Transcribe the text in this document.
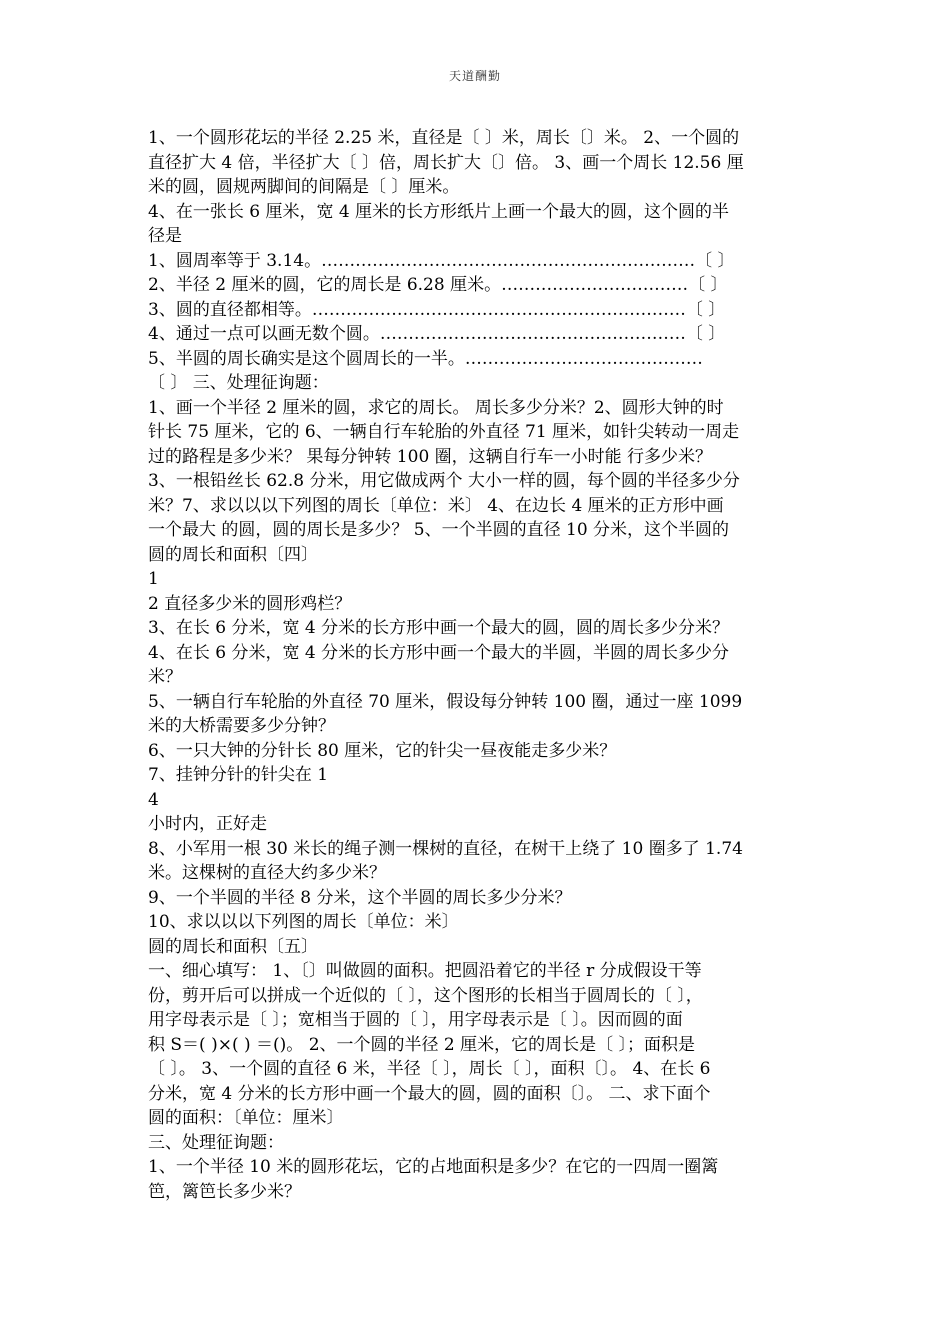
天道酬勤
1、一个圆形花坛的半径 2.25 米，直径是〔 〕米，周长〔〕米。 2、一个圆的
直径扩大 4 倍，半径扩大〔 〕倍，周长扩大〔〕倍。 3、画一个周长 12.56 厘
米的圆，圆规两脚间的间隔是〔 〕厘米。
4、在一张长 6 厘米，宽 4 厘米的长方形纸片上画一个最大的圆，这个圆的半
径是
1、圆周率等于 3.14。…………………………………………………………〔 〕
2、半径 2 厘米的圆，它的周长是 6.28 厘米。……………………………〔 〕
3、圆的直径都相等。…………………………………………………………〔 〕
4、通过一点可以画无数个圆。………………………………………………〔 〕
5、半圆的周长确实是这个圆周长的一半。……………………………………
〔 〕 三、处理征询题：
1、画一个半径 2 厘米的圆，求它的周长。 周长多少分米？2、圆形大钟的时
针长 75 厘米，它的 6、一辆自行车轮胎的外直径 71 厘米，如针尖转动一周走
过的路程是多少米？ 果每分钟转 100 圈，这辆自行车一小时能 行多少米？
3、一根铅丝长 62.8 分米，用它做成两个 大小一样的圆，每个圆的半径多少分
米？7、求以以以下列图的周长〔单位：米〕 4、在边长 4 厘米的正方形中画
一个最大 的圆，圆的周长是多少？ 5、一个半圆的直径 10 分米，这个半圆的
圆的周长和面积〔四〕
1
2 直径多少米的圆形鸡栏？
3、在长 6 分米，宽 4 分米的长方形中画一个最大的圆，圆的周长多少分米？
4、在长 6 分米，宽 4 分米的长方形中画一个最大的半圆，半圆的周长多少分
米？
5、一辆自行车轮胎的外直径 70 厘米，假设每分钟转 100 圈，通过一座 1099
米的大桥需要多少分钟？
6、一只大钟的分针长 80 厘米，它的针尖一昼夜能走多少米？
7、挂钟分针的针尖在 1
4
小时内，正好走
8、小军用一根 30 米长的绳子测一棵树的直径，在树干上绕了 10 圈多了 1.74
米。这棵树的直径大约多少米？
9、一个半圆的半径 8 分米，这个半圆的周长多少分米？
10、求以以以下列图的周长〔单位：米〕
圆的周长和面积〔五〕
一、细心填写： 1、〔〕叫做圆的面积。把圆沿着它的半径 r 分成假设干等
份，剪开后可以拼成一个近似的〔 〕，这个图形的长相当于圆周长的〔 〕，
用字母表示是〔 〕；宽相当于圆的〔 〕，用字母表示是〔 〕。因而圆的面
积 S＝( )×( ) ＝()。 2、一个圆的半径 2 厘米，它的周长是〔 〕；面积是
〔 〕。 3、一个圆的直径 6 米，半径〔 〕，周长〔 〕，面积〔〕。 4、在长 6
分米，宽 4 分米的长方形中画一个最大的圆，圆的面积〔〕。 二、求下面个
圆的面积：〔单位：厘米〕
三、处理征询题：
1、一个半径 10 米的圆形花坛，它的占地面积是多少？在它的一四周一圈篱
笆，篱笆长多少米？
